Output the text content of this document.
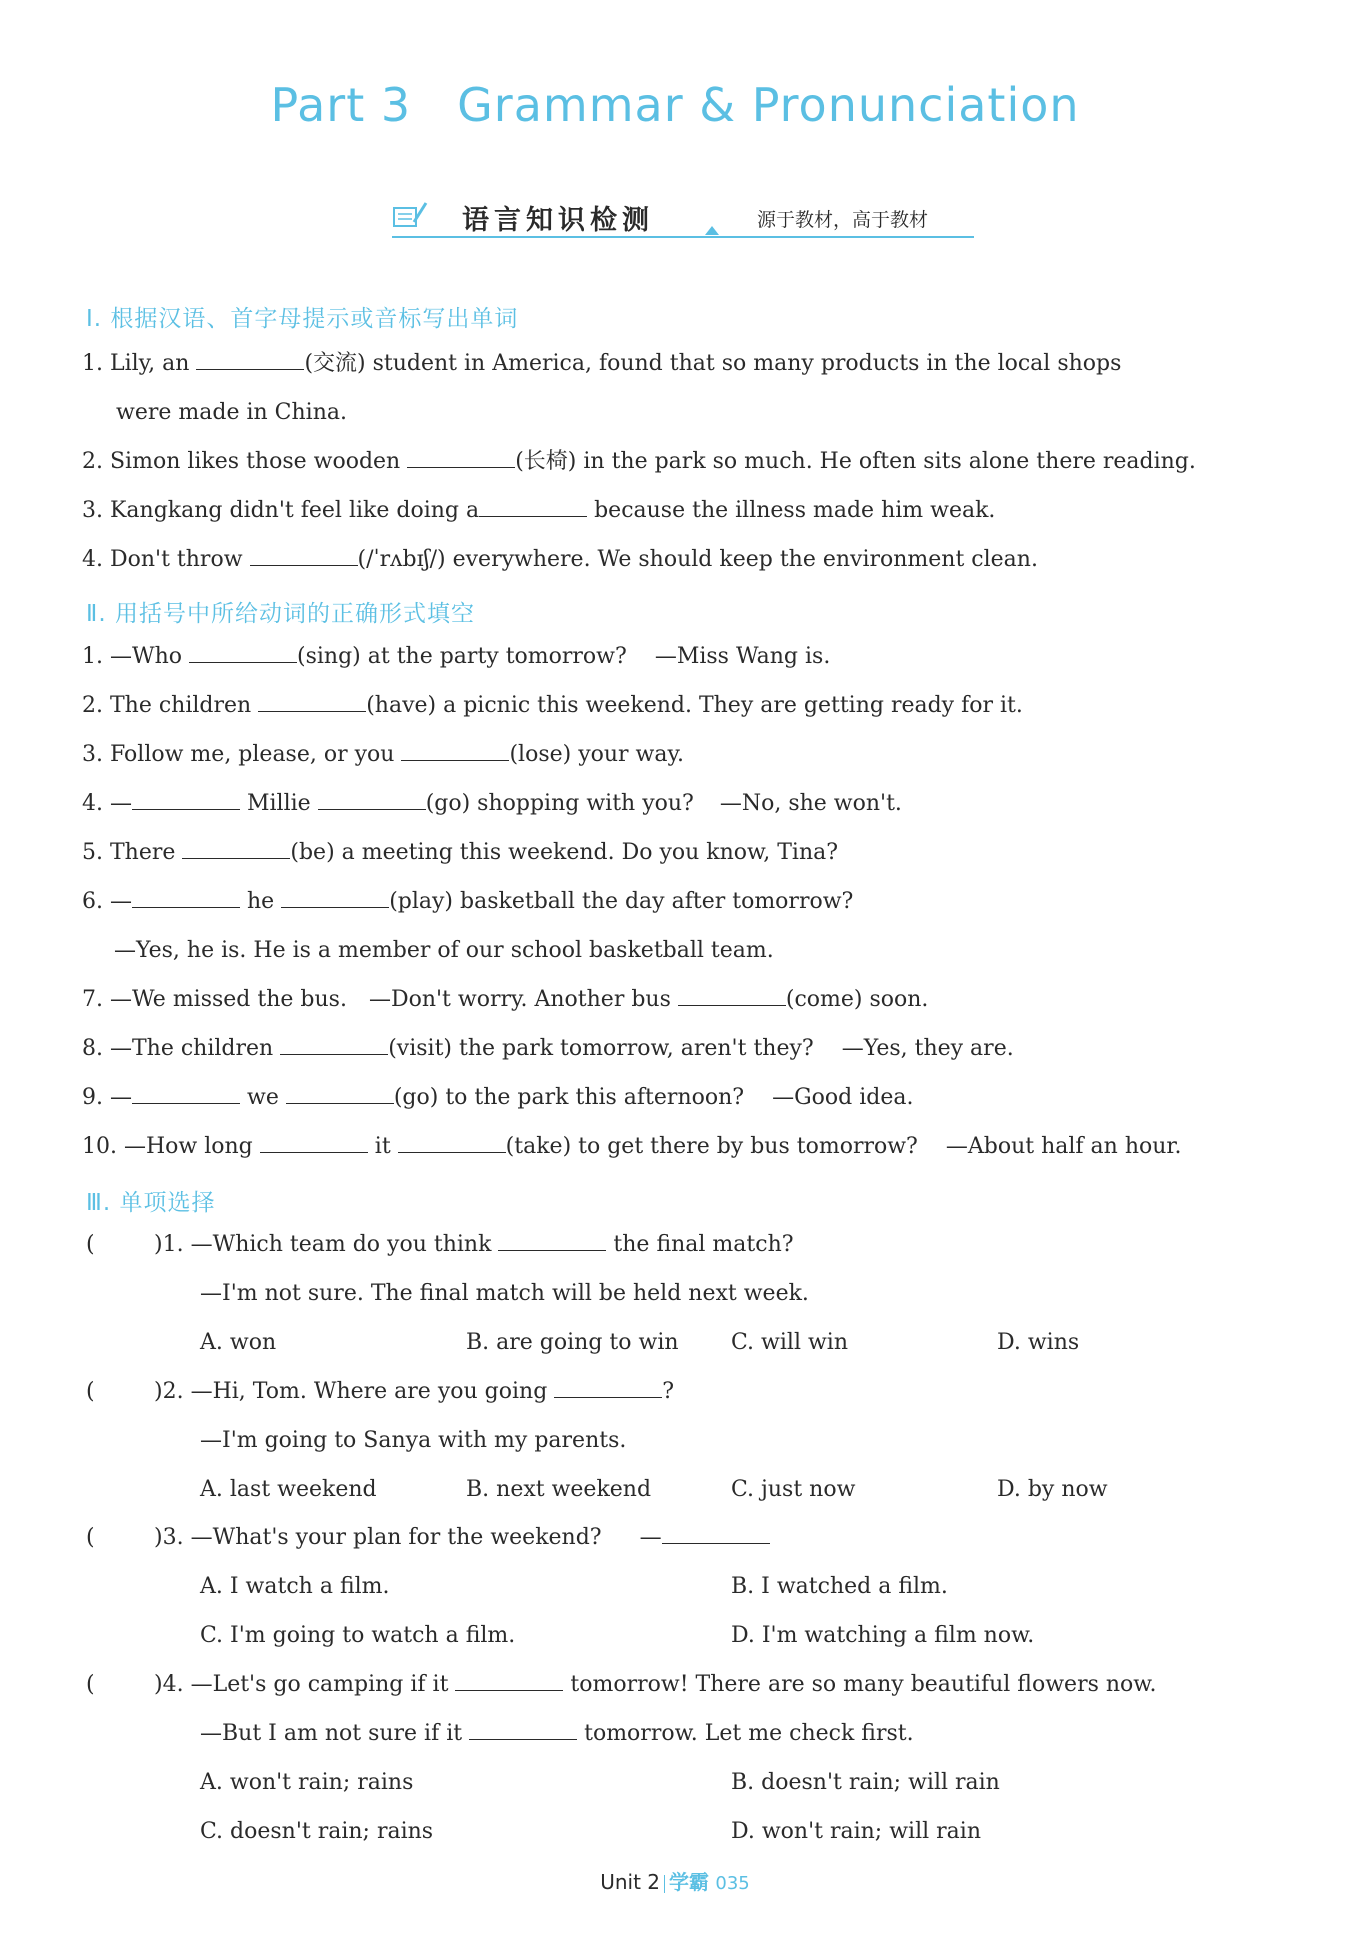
Part 3 Grammar & Pronunciation
语言知识检测	源于教材，高于教材
Ⅰ. 根据汉语、首字母提示或音标写出单词
1. Lily, an	(交流) student in America, found that so many products in the local shops
were made in China.
2. Simon likes those wooden	(长椅) in the park so much. He often sits alone there reading.
3. Kangkang didn't feel like doing a	because the illness made him weak.
4. Don't throw	(/ˈrʌbɪʃ/) everywhere. We should keep the environment clean.
Ⅱ. 用括号中所给动词的正确形式填空
1. —Who	(sing) at the party tomorrow? —Miss Wang is.
2. The children	(have) a picnic this weekend. They are getting ready for it.
3. Follow me, please, or you	(lose) your way.
4. —	Millie	(go) shopping with you? —No, she won't.
5. There	(be) a meeting this weekend. Do you know, Tina?
6. —	he	(play) basketball the day after tomorrow?
—Yes, he is. He is a member of our school basketball team.
7. —We missed the bus. —Don't worry. Another bus	(come) soon.
8. —The children	(visit) the park tomorrow, aren't they? —Yes, they are.
9. —	we	(go) to the park this afternoon? —Good idea.
10. —How long	it	(take) to get there by bus tomorrow? —About half an hour.
Ⅲ. 单项选择
(	)1. —Which team do you think	the final match?
—I'm not sure. The final match will be held next week.
A. won	B. are going to win C. will win	D. wins
(	)2. —Hi, Tom. Where are you going	?
—I'm going to Sanya with my parents.
A. last weekend	B. next weekend	C. just now	D. by now
(	)3. —What's your plan for the weekend? —
A. I watch a film.	B. I watched a film.
C. I'm going to watch a film.	D. I'm watching a film now.
(	)4. —Let's go camping if it	tomorrow! There are so many beautiful flowers now.
—But I am not sure if it	tomorrow. Let me check first.
A. won't rain; rains	B. doesn't rain; will rain
C. doesn't rain; rains	D. won't rain; will rain
Unit 2 学霸 035
